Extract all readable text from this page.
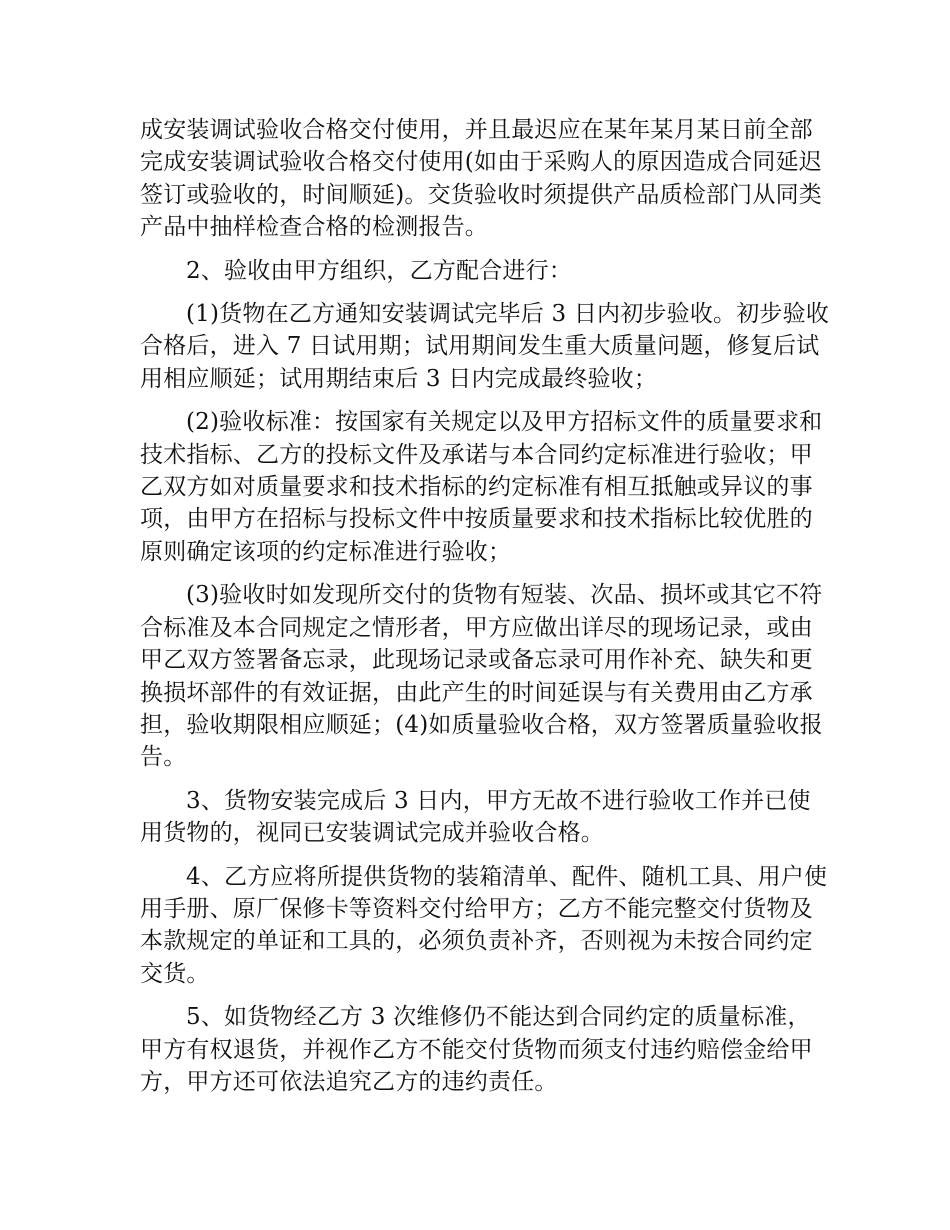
成安装调试验收合格交付使用，并且最迟应在某年某月某日前全部完成安装调试验收合格交付使用(如由于采购人的原因造成合同延迟签订或验收的，时间顺延)。交货验收时须提供产品质检部门从同类产品中抽样检查合格的检测报告。

2、验收由甲方组织，乙方配合进行：

(1)货物在乙方通知安装调试完毕后 3 日内初步验收。初步验收合格后，进入 7 日试用期；试用期间发生重大质量问题，修复后试用相应顺延；试用期结束后 3 日内完成最终验收；

(2)验收标准：按国家有关规定以及甲方招标文件的质量要求和技术指标、乙方的投标文件及承诺与本合同约定标准进行验收；甲乙双方如对质量要求和技术指标的约定标准有相互抵触或异议的事项，由甲方在招标与投标文件中按质量要求和技术指标比较优胜的原则确定该项的约定标准进行验收；

(3)验收时如发现所交付的货物有短装、次品、损坏或其它不符合标准及本合同规定之情形者，甲方应做出详尽的现场记录，或由甲乙双方签署备忘录，此现场记录或备忘录可用作补充、缺失和更换损坏部件的有效证据，由此产生的时间延误与有关费用由乙方承担，验收期限相应顺延；(4)如质量验收合格，双方签署质量验收报告。

3、货物安装完成后 3 日内，甲方无故不进行验收工作并已使用货物的，视同已安装调试完成并验收合格。

4、乙方应将所提供货物的装箱清单、配件、随机工具、用户使用手册、原厂保修卡等资料交付给甲方；乙方不能完整交付货物及本款规定的单证和工具的，必须负责补齐，否则视为未按合同约定交货。

5、如货物经乙方 3 次维修仍不能达到合同约定的质量标准，甲方有权退货，并视作乙方不能交付货物而须支付违约赔偿金给甲方，甲方还可依法追究乙方的违约责任。
